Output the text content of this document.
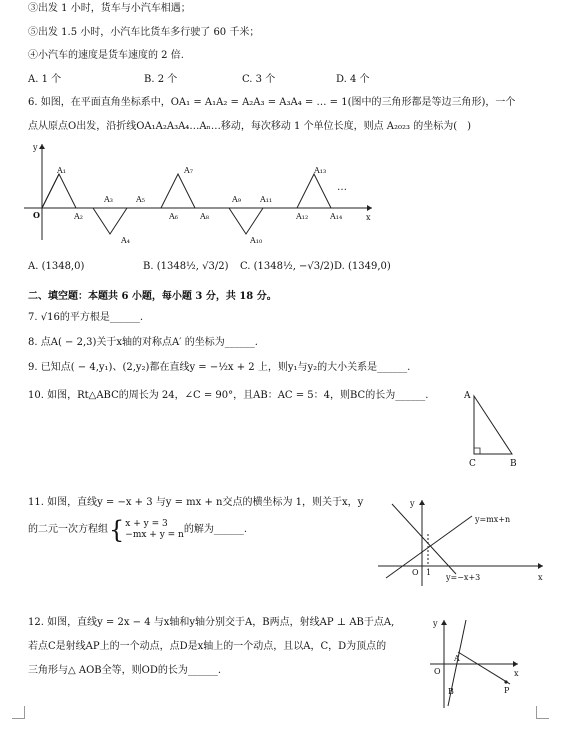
③出发 1 小时，货车与小汽车相遇；
⑤出发 1.5 小时，小汽车比货车多行驶了 60 千米；
④小汽车的速度是货车速度的 2 倍.
A. 1 个	B. 2 个	C. 3 个	D. 4 个
6. 如图，在平面直角坐标系中，OA₁ = A₁A₂ = A₂A₃ = A₃A₄ = … = 1(图中的三角形都是等边三角形)，一个
点从原点O出发，沿折线OA₁A₂A₃A₄…Aₙ…移动，每次移动 1 个单位长度，则点 A₂₀₂₃ 的坐标为(　)
y
x
O
A₁
A₂
A₃
A₄
A₅
A₆
A₇
A₈
A₉
A₁₀
A₁₁
A₁₂
A₁₃
A₁₄
…
A. (1348,0)	B. (1348½, √3/2) C. (1348½, −√3/2) D. (1349,0)
二、填空题：本题共 6 小题，每小题 3 分，共 18 分。
7. √16的平方根是______.
8. 点A( − 2,3)关于x轴的对称点A′ 的坐标为______.
9. 已知点( − 4,y₁)、(2,y₂)都在直线y = −½x + 2 上，则y₁与y₂的大小关系是______.
10. 如图，Rt△ABC的周长为 24，∠C = 90°，且AB：AC = 5：4，则BC的长为______.	A
C	B
11. 如图，直线y = −x + 3 与y = mx + n交点的横坐标为 1，则关于x，y
的二元一次方程组 { x + y = 3
−mx + y = n 的解为______.
y
x
O 1
y=mx+n
y=−x+3
12. 如图，直线y = 2x − 4 与x轴和y轴分别交于A，B两点，射线AP ⊥ AB于点A,
若点C是射线AP上的一个动点，点D是x轴上的一个动点，且以A，C，D为顶点的
三角形与△ AOB全等，则OD的长为______.
y
x
O
A
B	P
